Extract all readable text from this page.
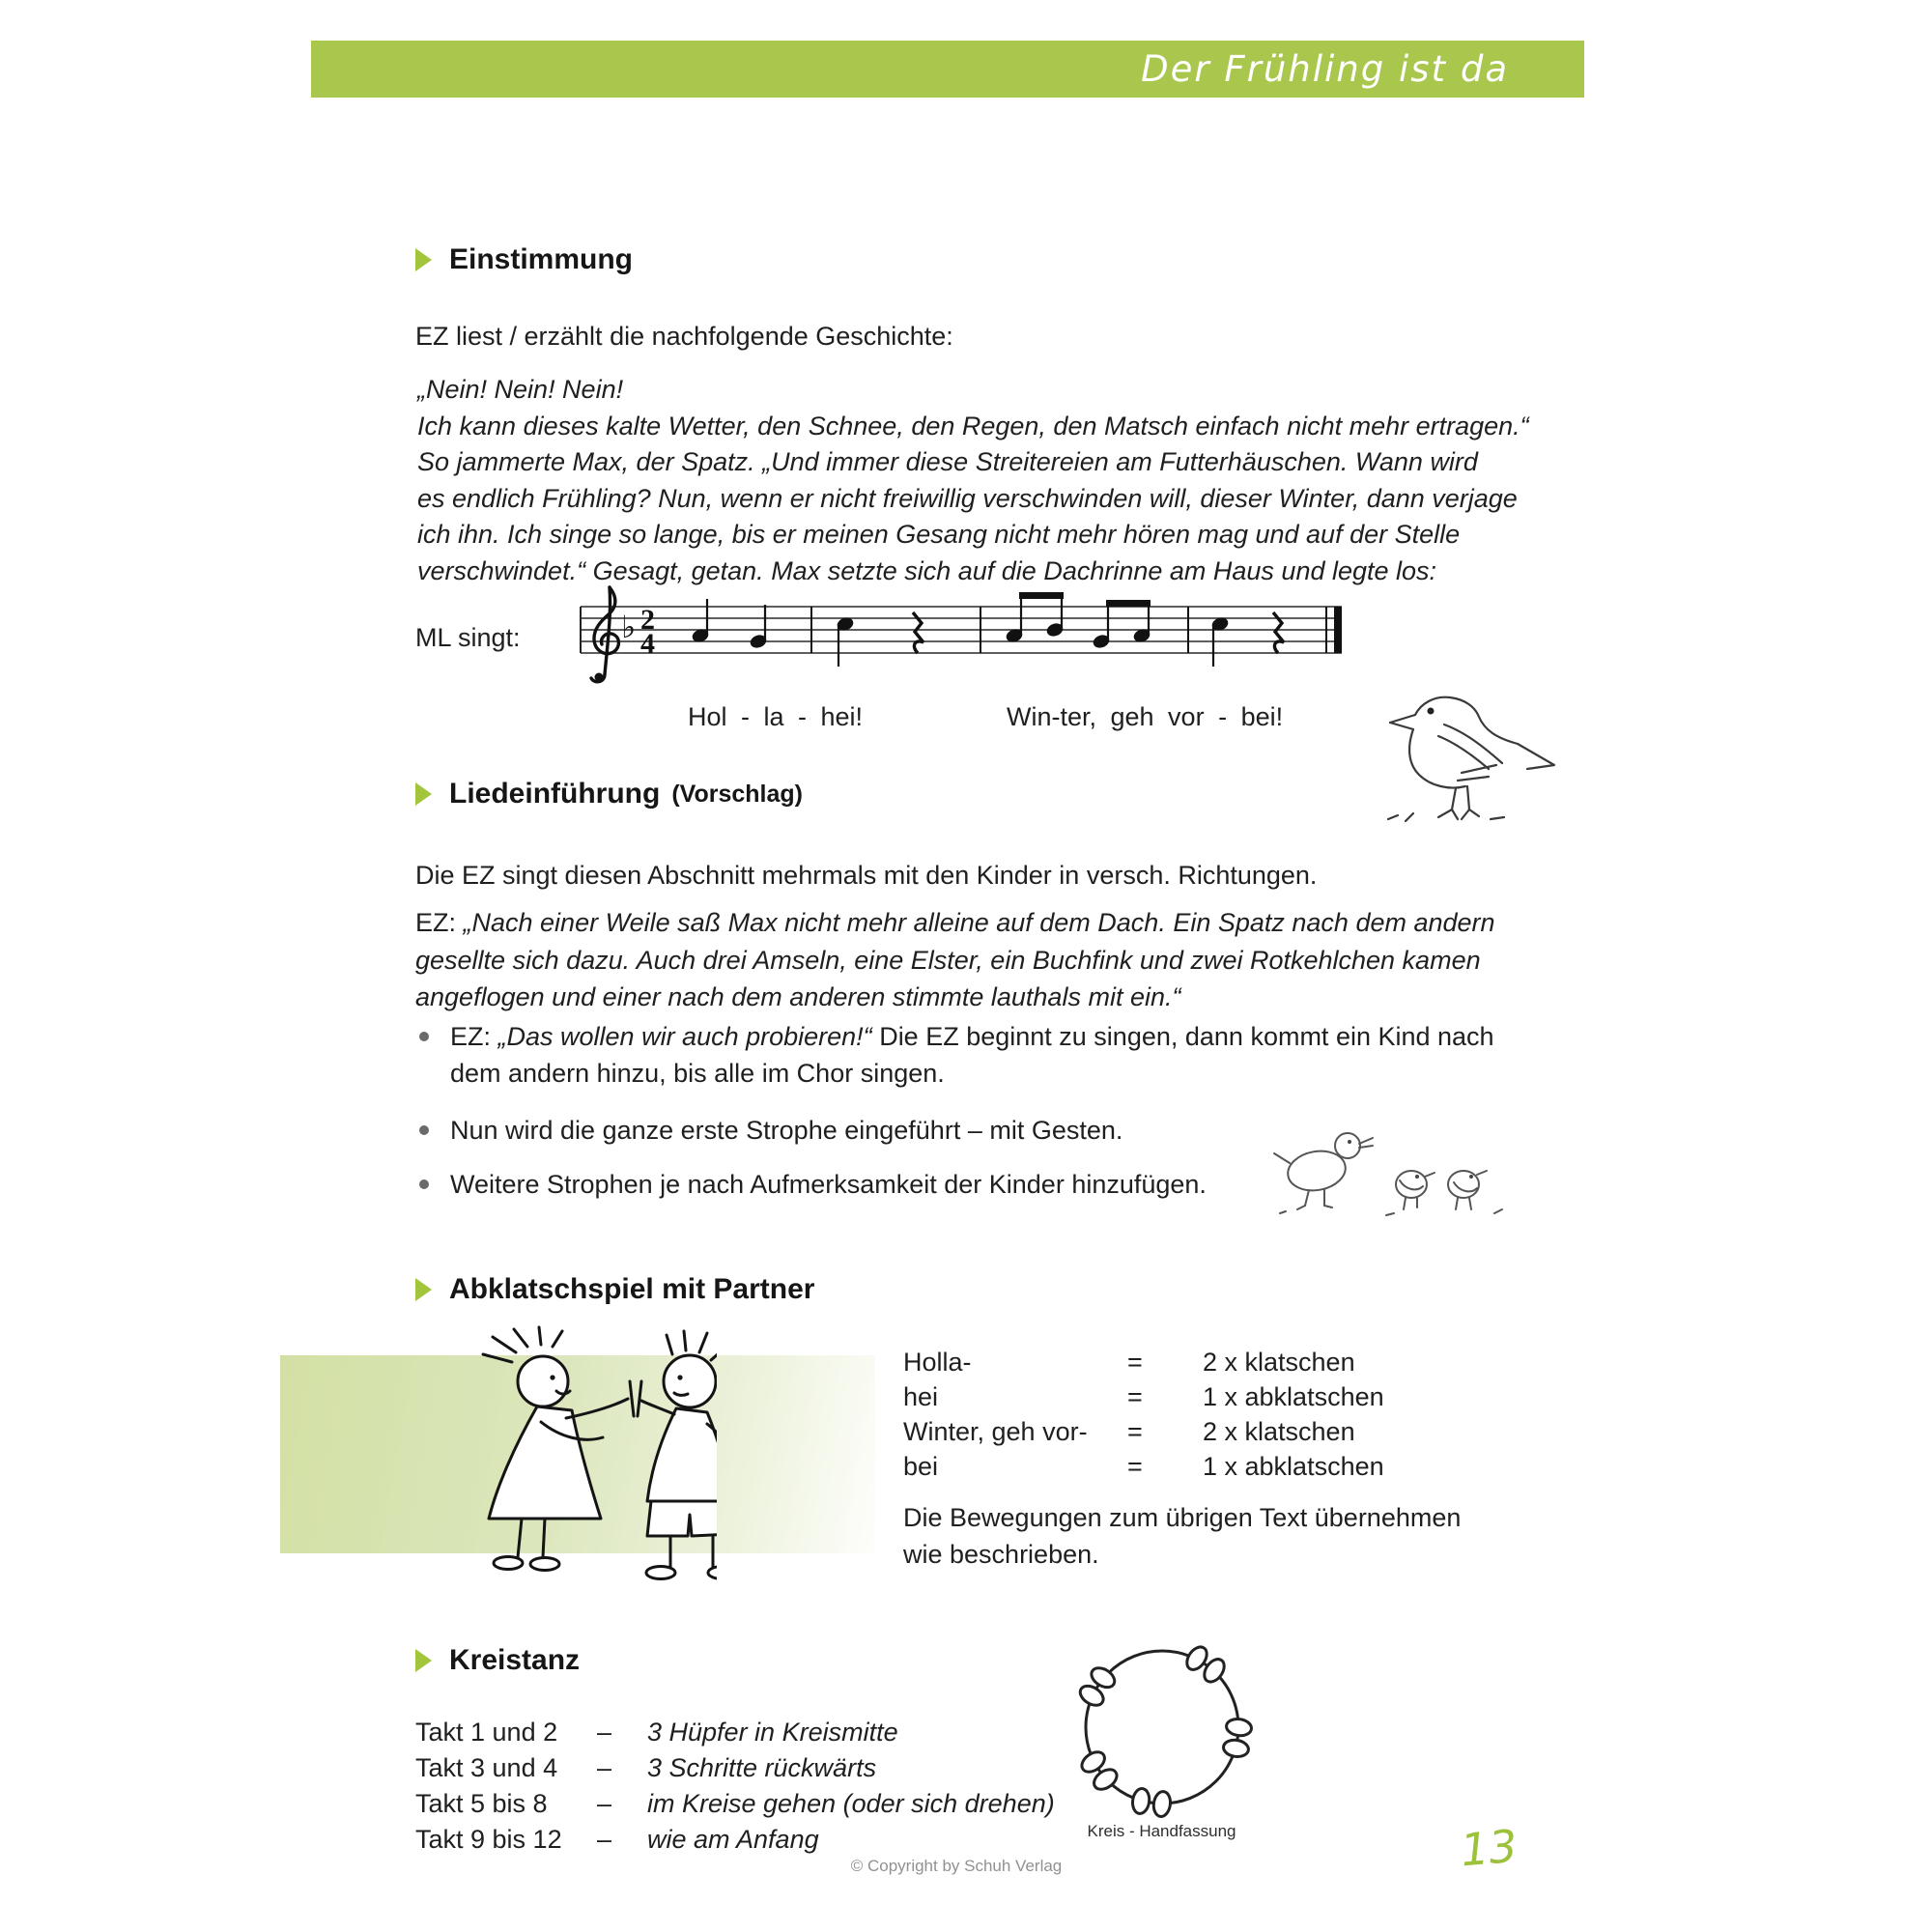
Der Frühling ist da
Einstimmung
EZ liest / erzählt die nachfolgende Geschichte:
„Nein! Nein! Nein!
Ich kann dieses kalte Wetter, den Schnee, den Regen, den Matsch einfach nicht mehr ertragen.“
So jammerte Max, der Spatz. „Und immer diese Streitereien am Futterhäuschen. Wann wird
es endlich Frühling? Nun, wenn er nicht freiwillig verschwinden will, dieser Winter, dann verjage
ich ihn. Ich singe so lange, bis er meinen Gesang nicht mehr hören mag und auf der Stelle
verschwindet.“ Gesagt, getan. Max setzte sich auf die Dachrinne am Haus und legte los:
ML singt:	♭ 2
4
Hol - la - hei!	Win-ter, geh vor - bei!
Liedeinführung (Vorschlag)
Die EZ singt diesen Abschnitt mehrmals mit den Kinder in versch. Richtungen.
EZ: „Nach einer Weile saß Max nicht mehr alleine auf dem Dach. Ein Spatz nach dem andern gesellte sich dazu. Auch drei Amseln, eine Elster, ein Buchfink und zwei Rotkehlchen kamen angeflogen und einer nach dem anderen stimmte lauthals mit ein.“
EZ: „Das wollen wir auch probieren!“ Die EZ beginnt zu singen, dann kommt ein Kind nach dem andern hinzu, bis alle im Chor singen.
Nun wird die ganze erste Strophe eingeführt – mit Gesten.
Weitere Strophen je nach Aufmerksamkeit der Kinder hinzufügen.
Abklatschspiel mit Partner
Holla-	=	2 x klatschen
hei	=	1 x abklatschen
Winter, geh vor-	=	2 x klatschen
bei	=	1 x abklatschen
Die Bewegungen zum übrigen Text übernehmen wie beschrieben.
Kreistanz
Takt 1 und 2	–	3 Hüpfer in Kreismitte
Takt 3 und 4	–	3 Schritte rückwärts
Takt 5 bis 8	–	im Kreise gehen (oder sich drehen)
Takt 9 bis 12	–	wie am Anfang	Kreis - Handfassung
© Copyright by Schuh Verlag	13
